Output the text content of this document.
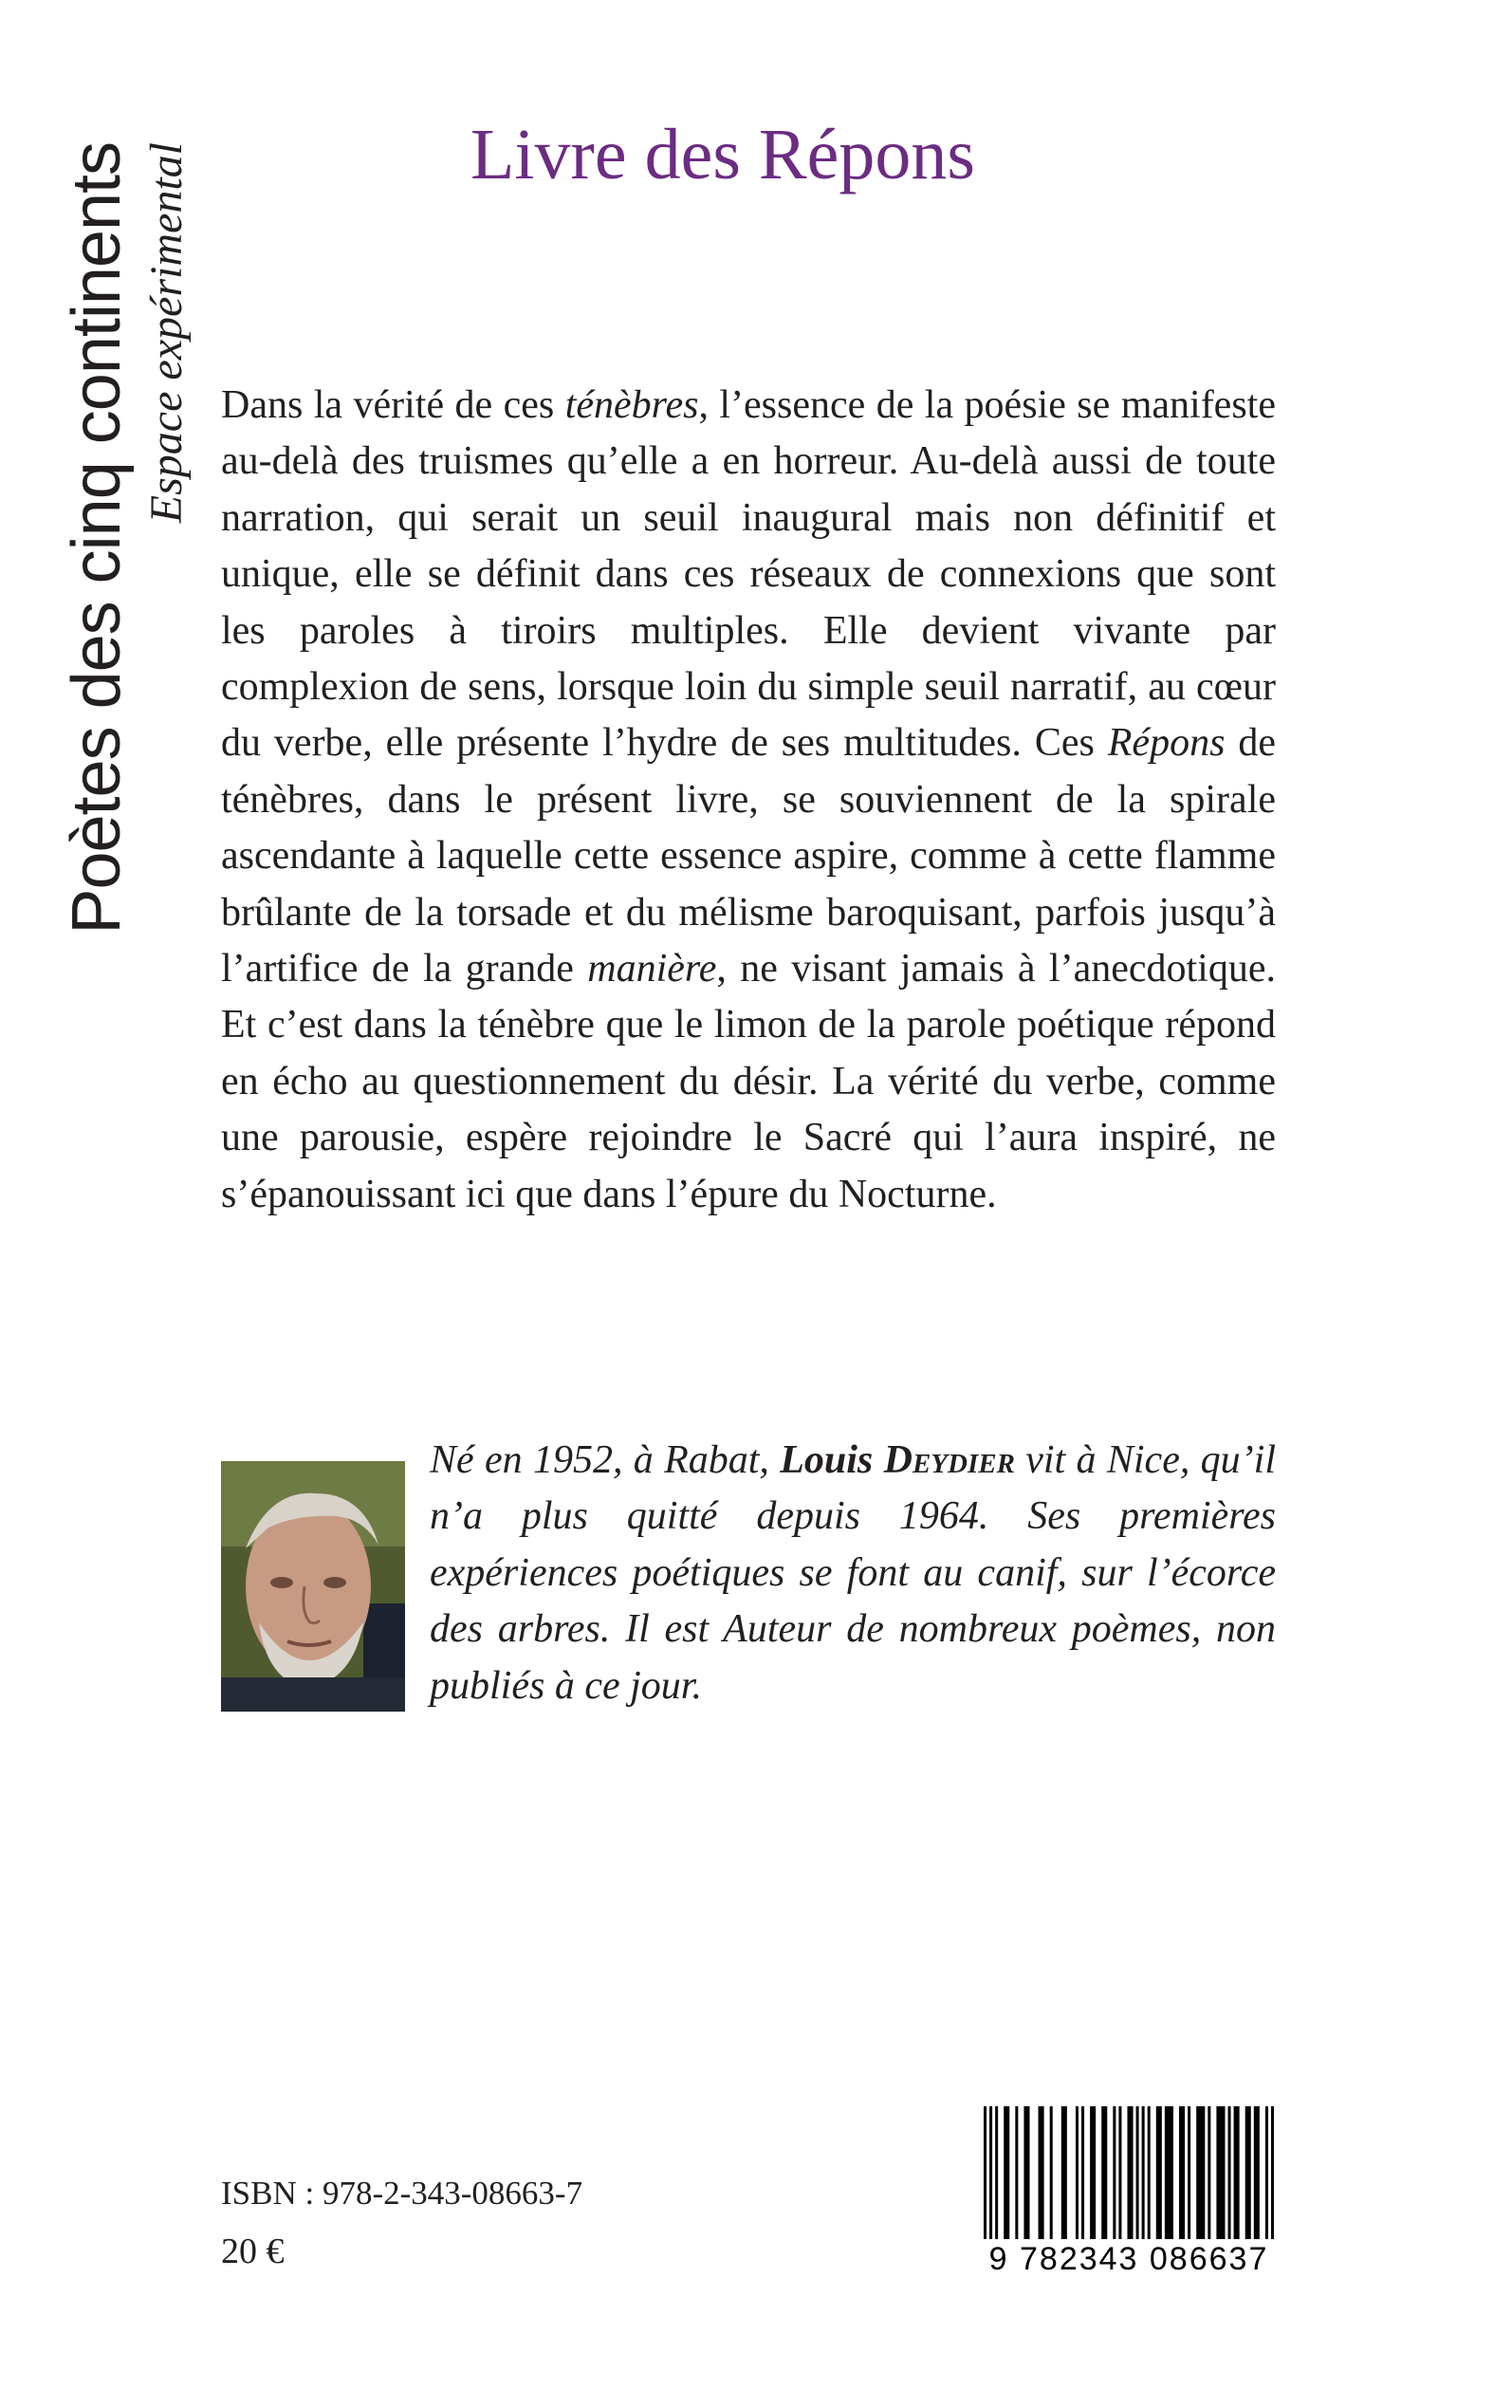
Poètes des cinq continents Espace expérimental	Livre des Répons
Dans la vérité de ces ténèbres, l’essence de la poésie se manifeste au-delà des truismes qu’elle a en horreur. Au-delà aussi de toute narration, qui serait un seuil inaugural mais non définitif et unique, elle se définit dans ces réseaux de connexions que sont les paroles à tiroirs multiples. Elle devient vivante par complexion de sens, lorsque loin du simple seuil narratif, au cœur du verbe, elle présente l’hydre de ses multitudes. Ces Répons de ténèbres, dans le présent livre, se souviennent de la spirale ascendante à laquelle cette essence aspire, comme à cette flamme brûlante de la torsade et du mélisme baroquisant, parfois jusqu’à l’artifice de la grande manière, ne visant jamais à l’anecdotique. Et c’est dans la ténèbre que le limon de la parole poétique répond en écho au questionnement du désir. La vérité du verbe, comme une parousie, espère rejoindre le Sacré qui l’aura inspiré, ne s’épanouissant ici que dans l’épure du Nocturne.
Né en 1952, à Rabat, Louis Deydier vit à Nice, qu’il n’a plus quitté depuis 1964. Ses premières expériences poétiques se font au canif, sur l’écorce des arbres. Il est Auteur de nombreux poèmes, non publiés à ce jour.
ISBN : 978-2-343-08663-7
20 €	9 782343 086637
